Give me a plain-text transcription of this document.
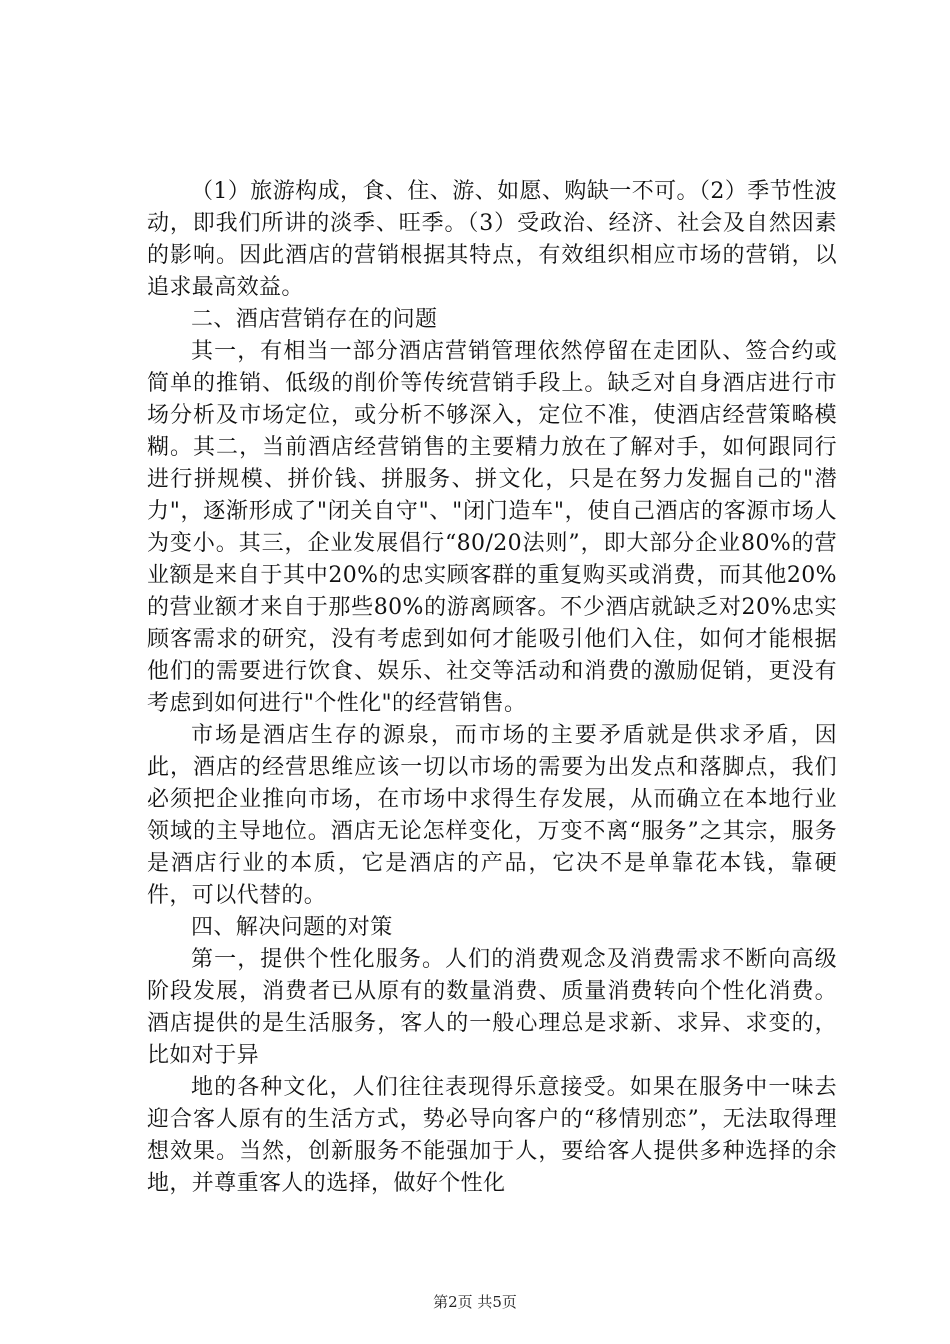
（1）旅游构成，食、住、游、如愿、购缺一不可。（2）季节性波动，即我们所讲的淡季、旺季。（3）受政治、经济、社会及自然因素的影响。因此酒店的营销根据其特点，有效组织相应市场的营销，以追求最高效益。

二、酒店营销存在的问题

其一，有相当一部分酒店营销管理依然停留在走团队、签合约或简单的推销、低级的削价等传统营销手段上。缺乏对自身酒店进行市场分析及市场定位，或分析不够深入，定位不准，使酒店经营策略模糊。其二，当前酒店经营销售的主要精力放在了解对手，如何跟同行进行拼规模、拼价钱、拼服务、拼文化，只是在努力发掘自己的"潜力"，逐渐形成了"闭关自守"、"闭门造车"，使自己酒店的客源市场人为变小。其三，企业发展倡行“80/20法则”，即大部分企业80%的营业额是来自于其中20%的忠实顾客群的重复购买或消费，而其他20%的营业额才来自于那些80%的游离顾客。不少酒店就缺乏对20%忠实顾客需求的研究，没有考虑到如何才能吸引他们入住，如何才能根据他们的需要进行饮食、娱乐、社交等活动和消费的激励促销，更没有考虑到如何进行"个性化"的经营销售。

市场是酒店生存的源泉，而市场的主要矛盾就是供求矛盾，因此，酒店的经营思维应该一切以市场的需要为出发点和落脚点，我们必须把企业推向市场，在市场中求得生存发展，从而确立在本地行业领域的主导地位。酒店无论怎样变化，万变不离“服务”之其宗，服务是酒店行业的本质，它是酒店的产品，它决不是单靠花本钱，靠硬件，可以代替的。

四、解决问题的对策

第一，提供个性化服务。人们的消费观念及消费需求不断向高级阶段发展，消费者已从原有的数量消费、质量消费转向个性化消费。酒店提供的是生活服务，客人的一般心理总是求新、求异、求变的，比如对于异

地的各种文化，人们往往表现得乐意接受。如果在服务中一味去迎合客人原有的生活方式，势必导向客户的“移情别恋”，无法取得理想效果。当然，创新服务不能强加于人，要给客人提供多种选择的余地，并尊重客人的选择，做好个性化

第2页 共5页
